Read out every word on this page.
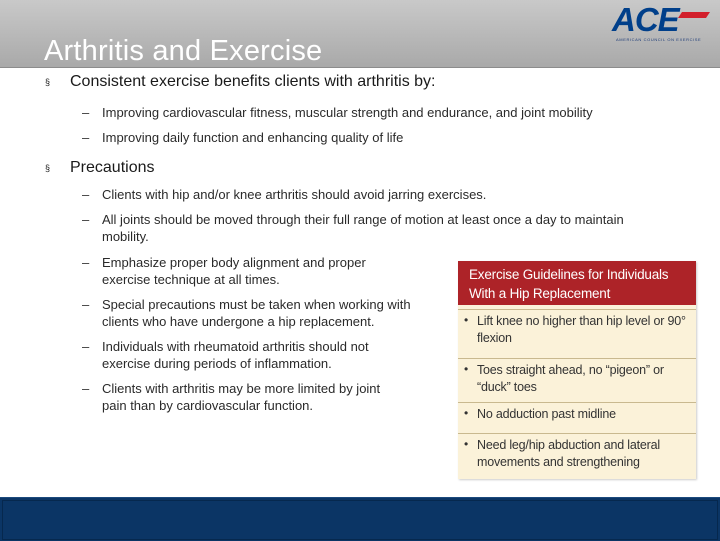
Arthritis and Exercise
ACE
AMERICAN COUNCIL ON EXERCISE
§	Consistent exercise benefits clients with arthritis by:
– Improving cardiovascular fitness, muscular strength and endurance, and joint mobility
– Improving daily function and enhancing quality of life
§	Precautions
– Clients with hip and/or knee arthritis should avoid jarring exercises.
– All joints should be moved through their full range of motion at least once a day to maintain mobility.
– Emphasize proper body alignment and proper exercise technique at all times.
– Special precautions must be taken when working with clients who have undergone a hip replacement.
– Individuals with rheumatoid arthritis should not exercise during periods of inflammation.
– Clients with arthritis may be more limited by joint pain than by cardiovascular function.
Exercise Guidelines for Individuals With a Hip Replacement
• Lift knee no higher than hip level or 90° flexion
• Toes straight ahead, no “pigeon” or “duck” toes
• No adduction past midline
• Need leg/hip abduction and lateral movements and strengthening
